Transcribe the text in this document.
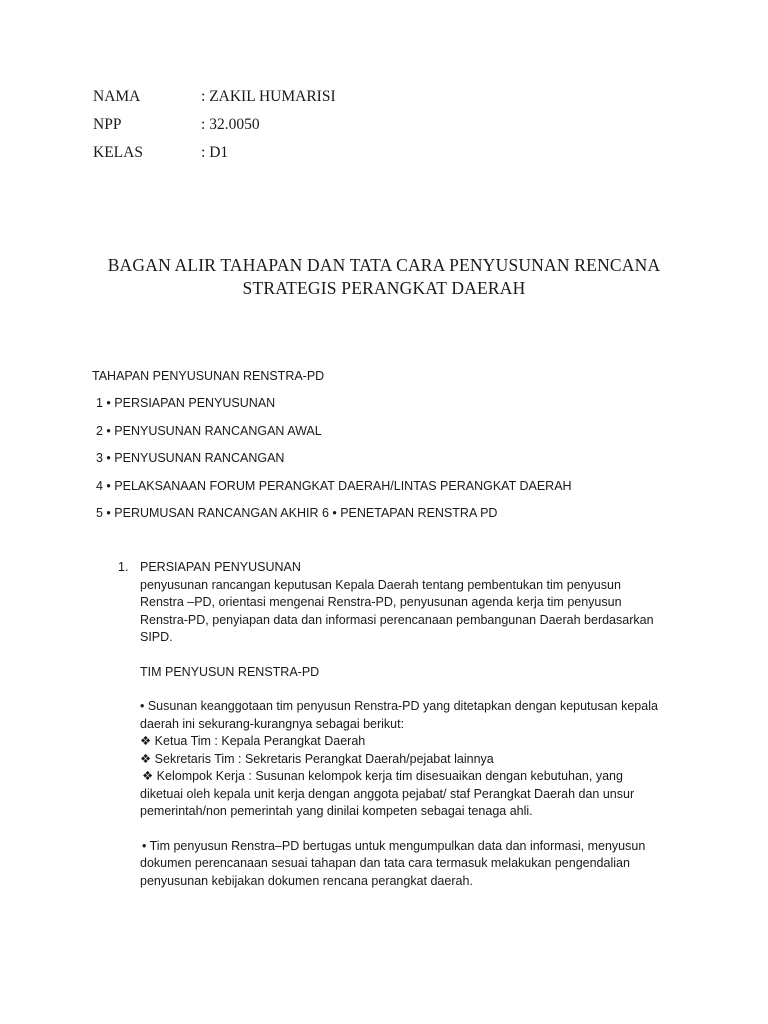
NAMA	: ZAKIL HUMARISI
NPP	: 32.0050
KELAS	: D1
BAGAN ALIR TAHAPAN DAN TATA CARA PENYUSUNAN RENCANA
STRATEGIS PERANGKAT DAERAH
TAHAPAN PENYUSUNAN RENSTRA-PD
1 • PERSIAPAN PENYUSUNAN
2 • PENYUSUNAN RANCANGAN AWAL
3 • PENYUSUNAN RANCANGAN
4 • PELAKSANAAN FORUM PERANGKAT DAERAH/LINTAS PERANGKAT DAERAH
5 • PERUMUSAN RANCANGAN AKHIR 6 • PENETAPAN RENSTRA PD
1. PERSIAPAN PENYUSUNAN

penyusunan rancangan keputusan Kepala Daerah tentang pembentukan tim penyusun

Renstra –PD, orientasi mengenai Renstra-PD, penyusunan agenda kerja tim penyusun

Renstra-PD, penyiapan data dan informasi perencanaan pembangunan Daerah berdasarkan

SIPD.

TIM PENYUSUN RENSTRA-PD

• Susunan keanggotaan tim penyusun Renstra-PD yang ditetapkan dengan keputusan kepala

daerah ini sekurang-kurangnya sebagai berikut:

❖ Ketua Tim : Kepala Perangkat Daerah

❖ Sekretaris Tim : Sekretaris Perangkat Daerah/pejabat lainnya

❖ Kelompok Kerja : Susunan kelompok kerja tim disesuaikan dengan kebutuhan, yang

diketuai oleh kepala unit kerja dengan anggota pejabat/ staf Perangkat Daerah dan unsur

pemerintah/non pemerintah yang dinilai kompeten sebagai tenaga ahli.

• Tim penyusun Renstra–PD bertugas untuk mengumpulkan data dan informasi, menyusun

dokumen perencanaan sesuai tahapan dan tata cara termasuk melakukan pengendalian

penyusunan kebijakan dokumen rencana perangkat daerah.
